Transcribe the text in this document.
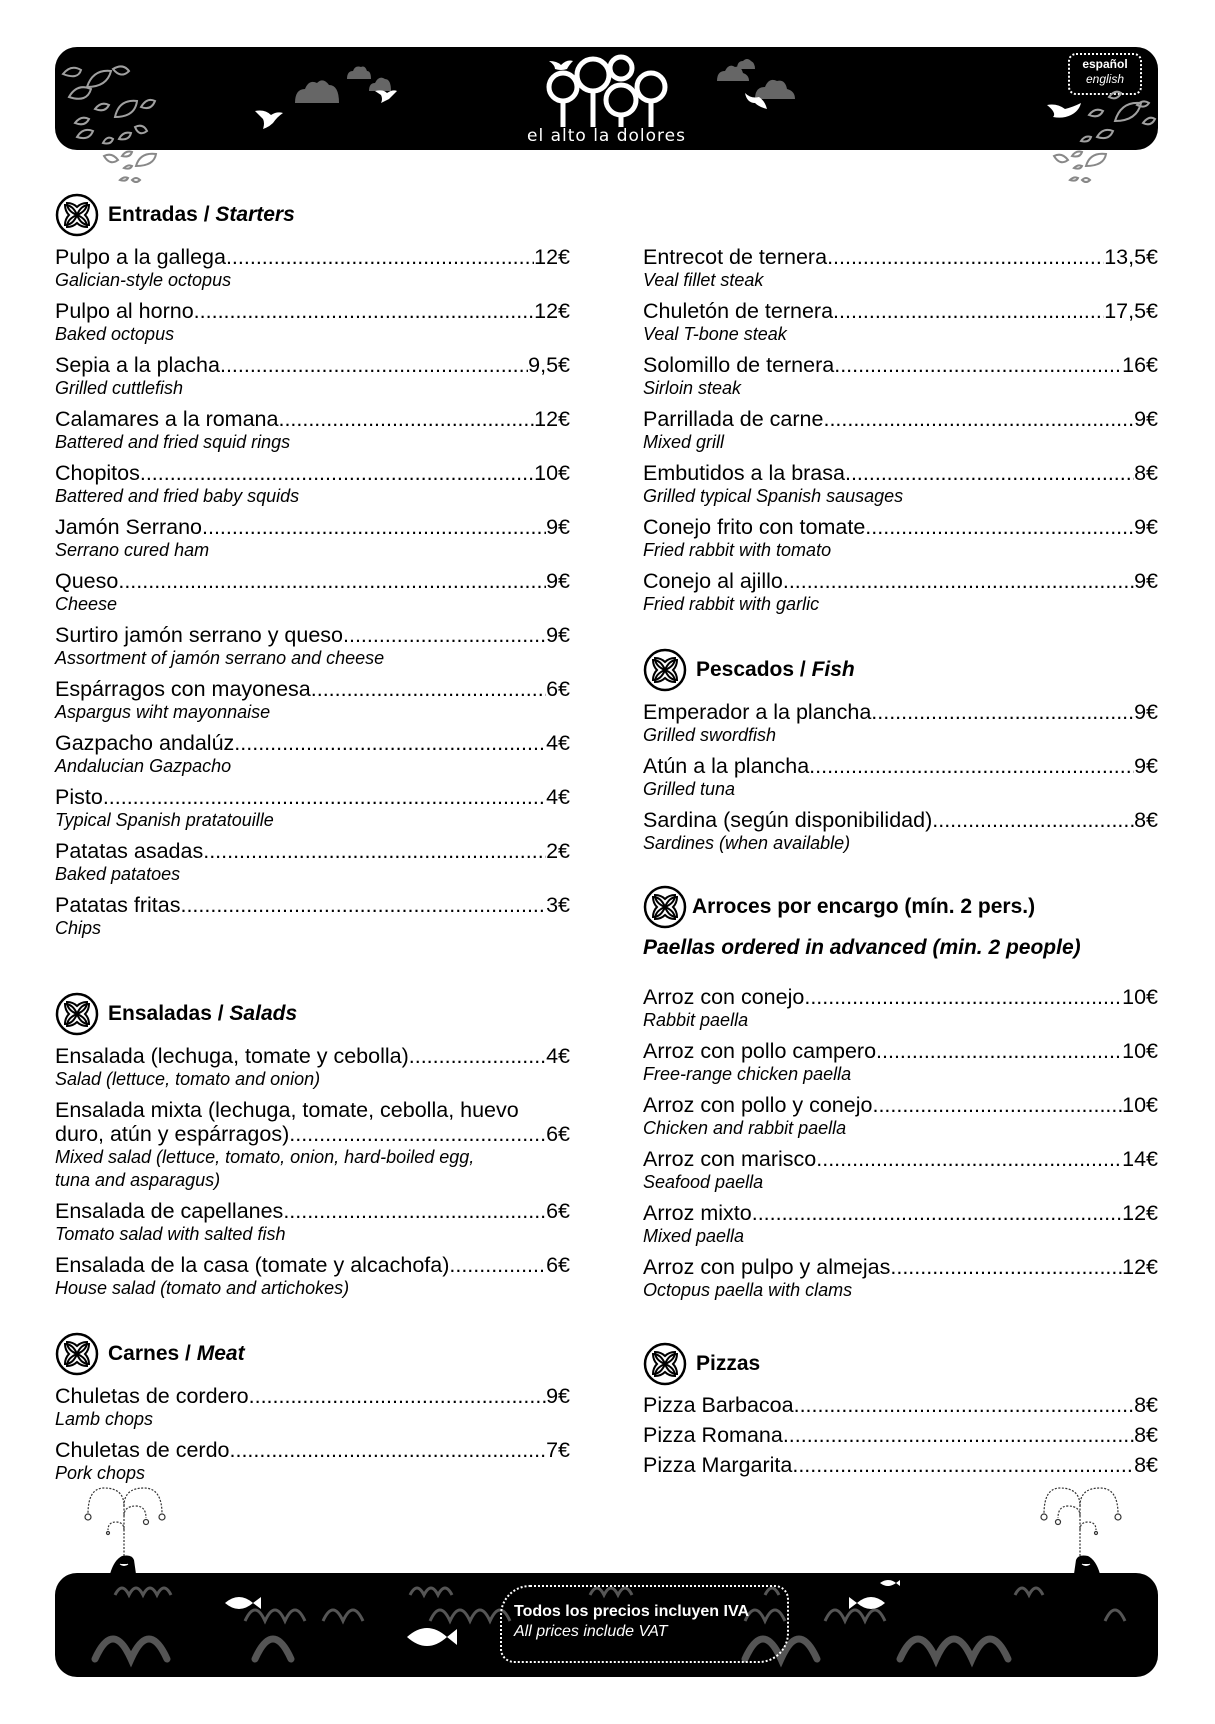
el alto la dolores
español
english
Entradas / Starters
Pulpo a la gallega .....	12€
Galician-style octopus
Pulpo al horno .....	12€
Baked octopus
Sepia a la placha .....	9,5€
Grilled cuttlefish
Calamares a la romana .....	12€
Battered and fried squid rings
Chopitos .....	10€
Battered and fried baby squids
Jamón Serrano .....	9€
Serrano cured ham
Queso .....	9€
Cheese
Surtiro jamón serrano y queso .....	9€
Assortment of jamón serrano and cheese
Espárragos con mayonesa .....	6€
Aspargus wiht mayonnaise
Gazpacho andalúz .....	4€
Andalucian Gazpacho
Pisto .....	4€
Typical Spanish pratatouille
Patatas asadas .....	2€
Baked patatoes
Patatas fritas .....	3€
Chips
Ensaladas / Salads
Ensalada (lechuga, tomate y cebolla) .....	4€
Salad (lettuce, tomato and onion)
Ensalada mixta (lechuga, tomate, cebolla, huevo
duro, atún y espárragos) .....	6€
Mixed salad (lettuce, tomato, onion, hard-boiled egg,
tuna and asparagus)
Ensalada de capellanes .....	6€
Tomato salad with salted fish
Ensalada de la casa (tomate y alcachofa) .....	6€
House salad (tomato and artichokes)
Carnes / Meat
Chuletas de cordero .....	9€
Lamb chops
Chuletas de cerdo .....	7€
Pork chops
Entrecot de ternera .....	13,5€
Veal fillet steak
Chuletón de ternera .....	17,5€
Veal T-bone steak
Solomillo de ternera .....	16€
Sirloin steak
Parrillada de carne .....	9€
Mixed grill
Embutidos a la brasa .....	8€
Grilled typical Spanish sausages
Conejo frito con tomate .....	9€
Fried rabbit with tomato
Conejo al ajillo .....	9€
Fried rabbit with garlic
Pescados / Fish
Emperador a la plancha .....	9€
Grilled swordfish
Atún a la plancha .....	9€
Grilled tuna
Sardina (según disponibilidad) .....	8€
Sardines (when available)
Arroces por encargo (mín. 2 pers.)
Paellas ordered in advanced (min. 2 people)
Arroz con conejo .....	10€
Rabbit paella
Arroz con pollo campero .....	10€
Free-range chicken paella
Arroz con pollo y conejo .....	10€
Chicken and rabbit paella
Arroz con marisco .....	14€
Seafood paella
Arroz mixto .....	12€
Mixed paella
Arroz con pulpo y almejas .....	12€
Octopus paella with clams
Pizzas
Pizza Barbacoa .....	8€
Pizza Romana .....	8€
Pizza Margarita .....	8€
Todos los precios incluyen IVA
All prices include VAT
